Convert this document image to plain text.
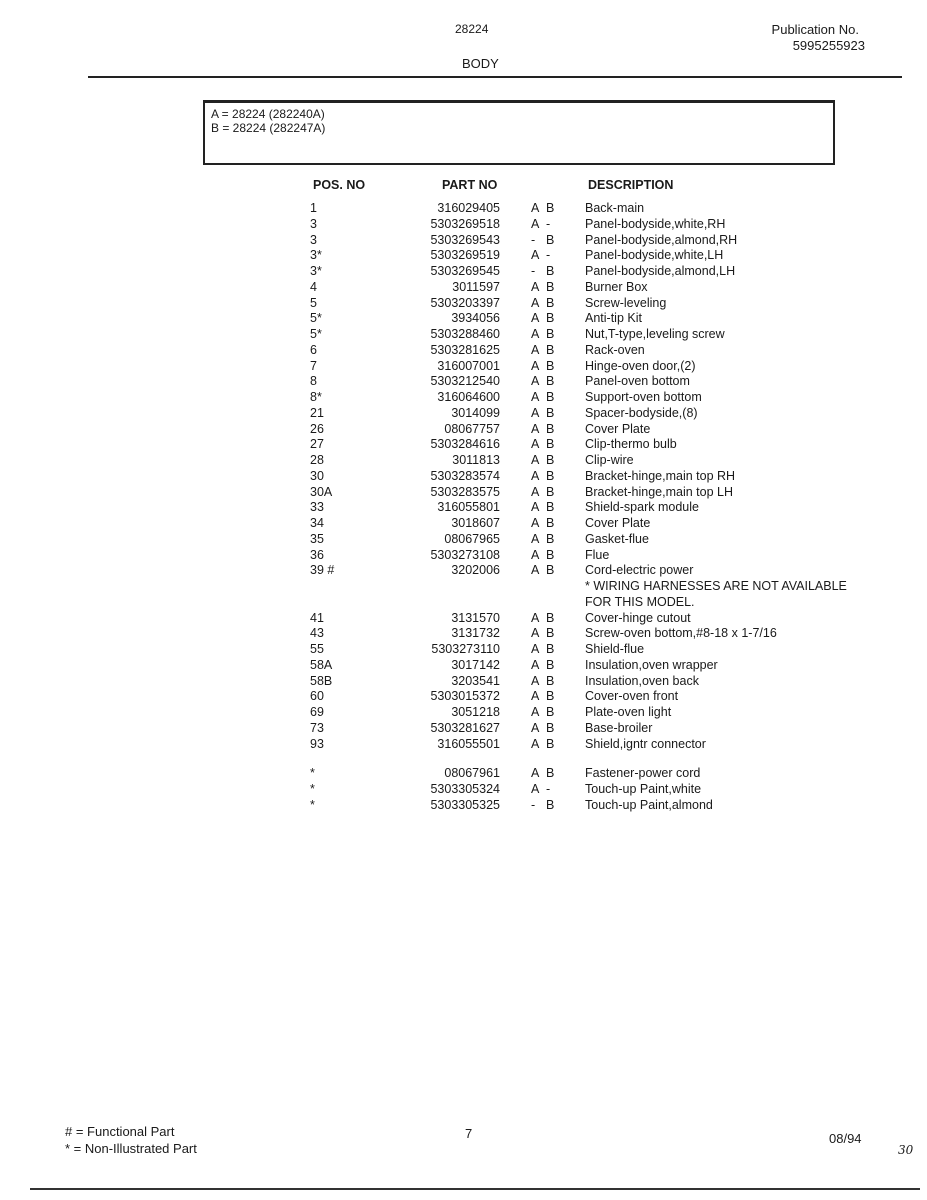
28224	Publication No.
5995255923
BODY
A = 28224 (282240A)
B = 28224 (282247A)
POS. NO	PART NO	DESCRIPTION
1	316029405 A B Back-main
3	5303269518 A -	Panel-bodyside,white,RH
3	5303269543 - B Panel-bodyside,almond,RH
3*	5303269519 A -	Panel-bodyside,white,LH
3*	5303269545 - B Panel-bodyside,almond,LH
4	3011597 A B Burner Box
5	5303203397 A B Screw-leveling
5*	3934056 A B Anti-tip Kit
5*	5303288460 A B Nut,T-type,leveling screw
6	5303281625 A B Rack-oven
7	316007001 A B Hinge-oven door,(2)
8	5303212540 A B Panel-oven bottom
8*	316064600 A B Support-oven bottom
21	3014099 A B Spacer-bodyside,(8)
26	08067757 A B Cover Plate
27	5303284616 A B Clip-thermo bulb
28	3011813 A B Clip-wire
30	5303283574 A B Bracket-hinge,main top RH
30A	5303283575 A B Bracket-hinge,main top LH
33	316055801 A B Shield-spark module
34	3018607 A B Cover Plate
35	08067965 A B Gasket-flue
36	5303273108 A B Flue
39 #	3202006 A B Cord-electric power
* WIRING HARNESSES ARE NOT AVAILABLE
FOR THIS MODEL.
41	3131570 A B Cover-hinge cutout
43	3131732 A B Screw-oven bottom,#8-18 x 1-7/16
55	5303273110 A B Shield-flue
58A	3017142 A B Insulation,oven wrapper
58B	3203541 A B Insulation,oven back
60	5303015372 A B Cover-oven front
69	3051218 A B Plate-oven light
73	5303281627 A B Base-broiler
93	316055501 A B Shield,igntr connector
*	08067961 A B Fastener-power cord
*	5303305324 A -	Touch-up Paint,white
*	5303305325 - B Touch-up Paint,almond
# = Functional Part
* = Non-Illustrated Part
7	08/94
30
